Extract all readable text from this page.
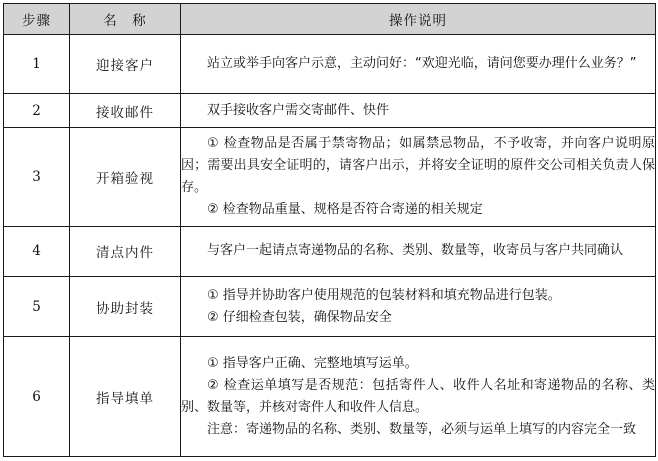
步骤	名　称	操作说明
1	迎接客户	站立或举手向客户示意，主动问好：“欢迎光临，请问您要办理什么业务？”

2	接收邮件	双手接收客户需交寄邮件、快件

3	开箱验视	① 检查物品是否属于禁寄物品；如属禁忌物品，不予收寄，并向客户说明原因；需要出具安全证明的，请客户出示，并将安全证明的原件交公司相关负责人保存。

② 检查物品重量、规格是否符合寄递的相关规定

4	清点内件	与客户一起请点寄递物品的名称、类别、数量等，收寄员与客户共同确认

5	协助封装	① 指导并协助客户使用规范的包装材料和填充物品进行包装。

② 仔细检查包装，确保物品安全

6	指导填单	① 指导客户正确、完整地填写运单。

② 检查运单填写是否规范：包括寄件人、收件人名址和寄递物品的名称、类别、数量等，并核对寄件人和收件人信息。

注意：寄递物品的名称、类别、数量等，必须与运单上填写的内容完全一致
